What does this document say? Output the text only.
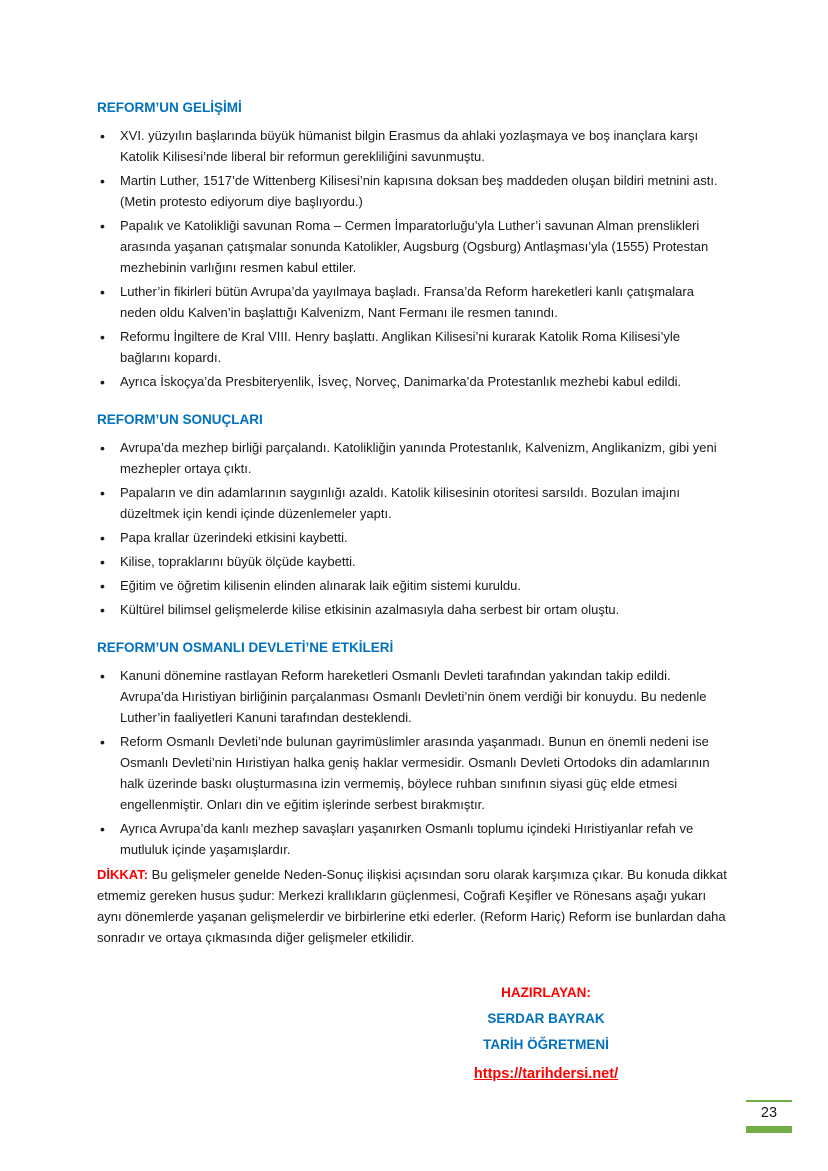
REFORM’UN GELİŞİMİ
• XVI. yüzyılın başlarında büyük hümanist bilgin Erasmus da ahlaki yozlaşmaya ve boş inançlara karşı Katolik Kilisesi’nde liberal bir reformun gerekliliğini savunmuştu.
• Martin Luther, 1517’de Wittenberg Kilisesi’nin kapısına doksan beş maddeden oluşan bildiri metnini astı. (Metin protesto ediyorum diye başlıyordu.)
• Papalık ve Katolikliği savunan Roma – Cermen İmparatorluğu’yla Luther’i savunan Alman prenslikleri arasında yaşanan çatışmalar sonunda Katolikler, Augsburg (Ogsburg) Antlaşması’yla (1555) Protestan mezhebinin varlığını resmen kabul ettiler.
• Luther’in fikirleri bütün Avrupa’da yayılmaya başladı. Fransa’da Reform hareketleri kanlı çatışmalara neden oldu Kalven’in başlattığı Kalvenizm, Nant Fermanı ile resmen tanındı.
• Reformu İngiltere de Kral VIII. Henry başlattı. Anglikan Kilisesi’ni kurarak Katolik Roma Kilisesi’yle bağlarını kopardı.
• Ayrıca İskoçya’da Presbiteryenlik, İsveç, Norveç, Danimarka’da Protestanlık mezhebi kabul edildi.
REFORM’UN SONUÇLARI
• Avrupa’da mezhep birliği parçalandı. Katolikliğin yanında Protestanlık, Kalvenizm, Anglikanizm, gibi yeni mezhepler ortaya çıktı.
• Papaların ve din adamlarının saygınlığı azaldı. Katolik kilisesinin otoritesi sarsıldı. Bozulan imajını düzeltmek için kendi içinde düzenlemeler yaptı.
• Papa krallar üzerindeki etkisini kaybetti.
• Kilise, topraklarını büyük ölçüde kaybetti.
• Eğitim ve öğretim kilisenin elinden alınarak laik eğitim sistemi kuruldu.
• Kültürel bilimsel gelişmelerde kilise etkisinin azalmasıyla daha serbest bir ortam oluştu.
REFORM’UN OSMANLI DEVLETİ’NE ETKİLERİ
• Kanuni dönemine rastlayan Reform hareketleri Osmanlı Devleti tarafından yakından takip edildi. Avrupa’da Hıristiyan birliğinin parçalanması Osmanlı Devleti’nin önem verdiği bir konuydu. Bu nedenle Luther’in faaliyetleri Kanuni tarafından desteklendi.
• Reform Osmanlı Devleti’nde bulunan gayrimüslimler arasında yaşanmadı. Bunun en önemli nedeni ise Osmanlı Devleti’nin Hıristiyan halka geniş haklar vermesidir. Osmanlı Devleti Ortodoks din adamlarının halk üzerinde baskı oluşturmasına izin vermemiş, böylece ruhban sınıfının siyasi güç elde etmesi engellenmiştir. Onları din ve eğitim işlerinde serbest bırakmıştır.
• Ayrıca Avrupa’da kanlı mezhep savaşları yaşanırken Osmanlı toplumu içindeki Hıristiyanlar refah ve mutluluk içinde yaşamışlardır.

DİKKAT: Bu gelişmeler genelde Neden-Sonuç ilişkisi açısından soru olarak karşımıza çıkar. Bu konuda dikkat etmemiz gereken husus şudur: Merkezi krallıkların güçlenmesi, Coğrafi Keşifler ve Rönesans aşağı yukarı aynı dönemlerde yaşanan gelişmelerdir ve birbirlerine etki ederler. (Reform Hariç) Reform ise bunlardan daha sonradır ve ortaya çıkmasında diğer gelişmeler etkilidir.

HAZIRLAYAN:
SERDAR BAYRAK
TARİH ÖĞRETMENİ
https://tarihdersi.net/
23
